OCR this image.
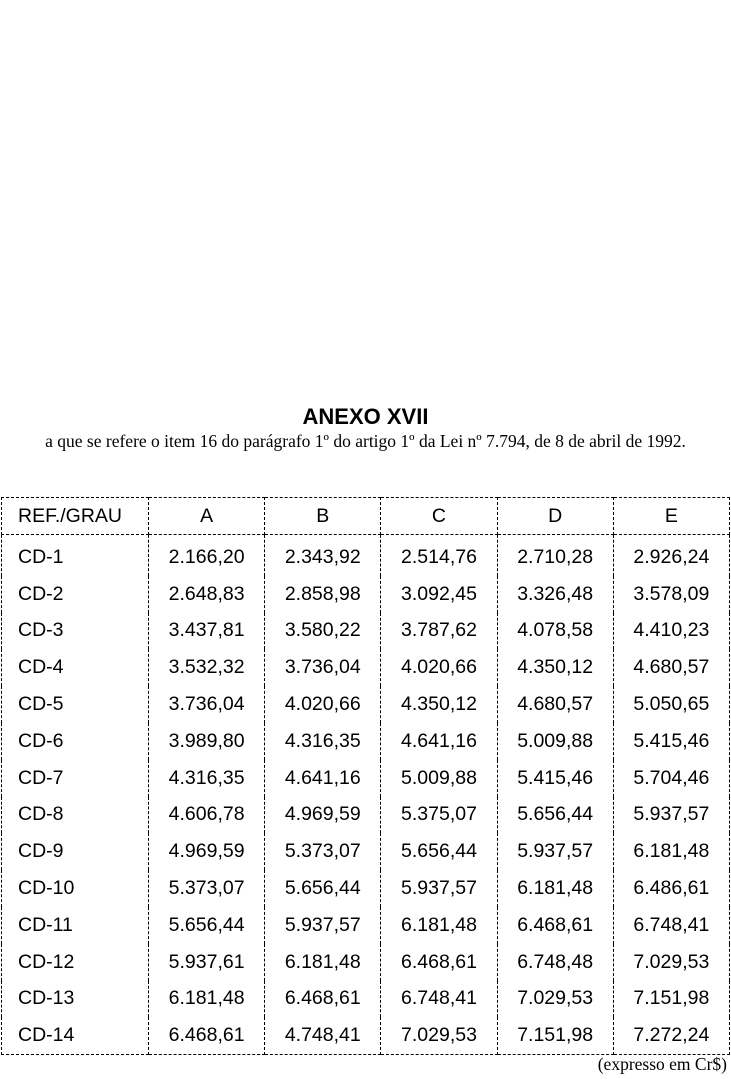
ANEXO XVII
a que se refere o item 16 do parágrafo 1º do artigo 1º da Lei nº 7.794, de 8 de abril de 1992.
REF./GRAU	A	B	C	D	E
CD-1	2.166,20	2.343,92	2.514,76	2.710,28	2.926,24
CD-2	2.648,83	2.858,98	3.092,45	3.326,48	3.578,09
CD-3	3.437,81	3.580,22	3.787,62	4.078,58	4.410,23
CD-4	3.532,32	3.736,04	4.020,66	4.350,12	4.680,57
CD-5	3.736,04	4.020,66	4.350,12	4.680,57	5.050,65
CD-6	3.989,80	4.316,35	4.641,16	5.009,88	5.415,46
CD-7	4.316,35	4.641,16	5.009,88	5.415,46	5.704,46
CD-8	4.606,78	4.969,59	5.375,07	5.656,44	5.937,57
CD-9	4.969,59	5.373,07	5.656,44	5.937,57	6.181,48
CD-10	5.373,07	5.656,44	5.937,57	6.181,48	6.486,61
CD-11	5.656,44	5.937,57	6.181,48	6.468,61	6.748,41
CD-12	5.937,61	6.181,48	6.468,61	6.748,48	7.029,53
CD-13	6.181,48	6.468,61	6.748,41	7.029,53	7.151,98
CD-14	6.468,61	4.748,41	7.029,53	7.151,98	7.272,24
(expresso em Cr$)
